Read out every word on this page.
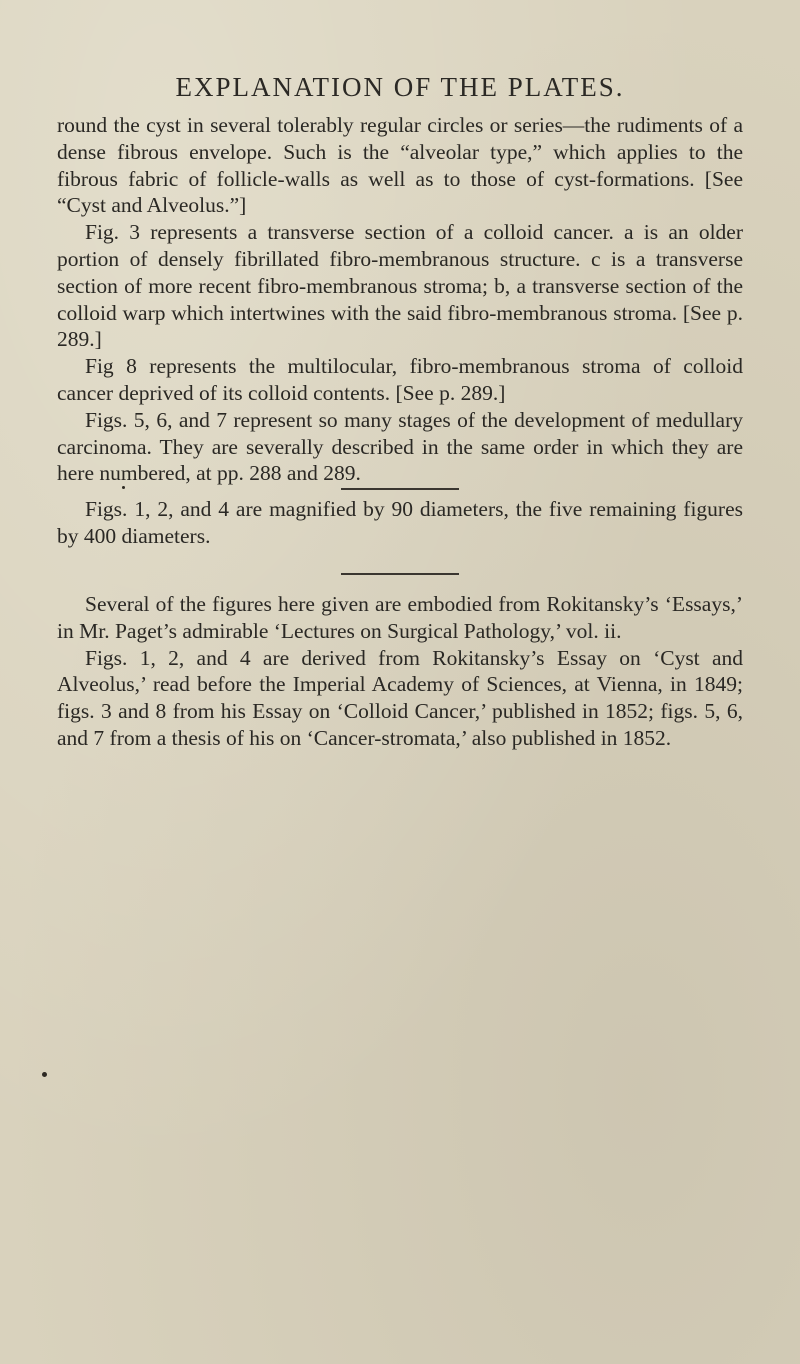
EXPLANATION OF THE PLATES.

round the cyst in several tolerably regular circles or series—the rudiments of a dense fibrous envelope. Such is the “alveolar type,” which applies to the fibrous fabric of follicle-walls as well as to those of cyst-formations. [See “Cyst and Alveolus.”]

Fig. 3 represents a transverse section of a colloid cancer. a is an older portion of densely fibrillated fibro-membranous structure. c is a transverse section of more recent fibro-membranous stroma; b, a transverse section of the colloid warp which intertwines with the said fibro-membranous stroma. [See p. 289.]

Fig 8 represents the multilocular, fibro-membranous stroma of colloid cancer deprived of its colloid contents. [See p. 289.]

Figs. 5, 6, and 7 represent so many stages of the development of medullary carcinoma. They are severally described in the same order in which they are here numbered, at pp. 288 and 289.

Figs. 1, 2, and 4 are magnified by 90 diameters, the five remaining figures by 400 diameters.

Several of the figures here given are embodied from Rokitansky’s ‘Essays,’ in Mr. Paget’s admirable ‘Lectures on Surgical Pathology,’ vol. ii.

Figs. 1, 2, and 4 are derived from Rokitansky’s Essay on ‘Cyst and Alveolus,’ read before the Imperial Academy of Sciences, at Vienna, in 1849; figs. 3 and 8 from his Essay on ‘Colloid Cancer,’ published in 1852; figs. 5, 6, and 7 from a thesis of his on ‘Cancer-stromata,’ also published in 1852.
